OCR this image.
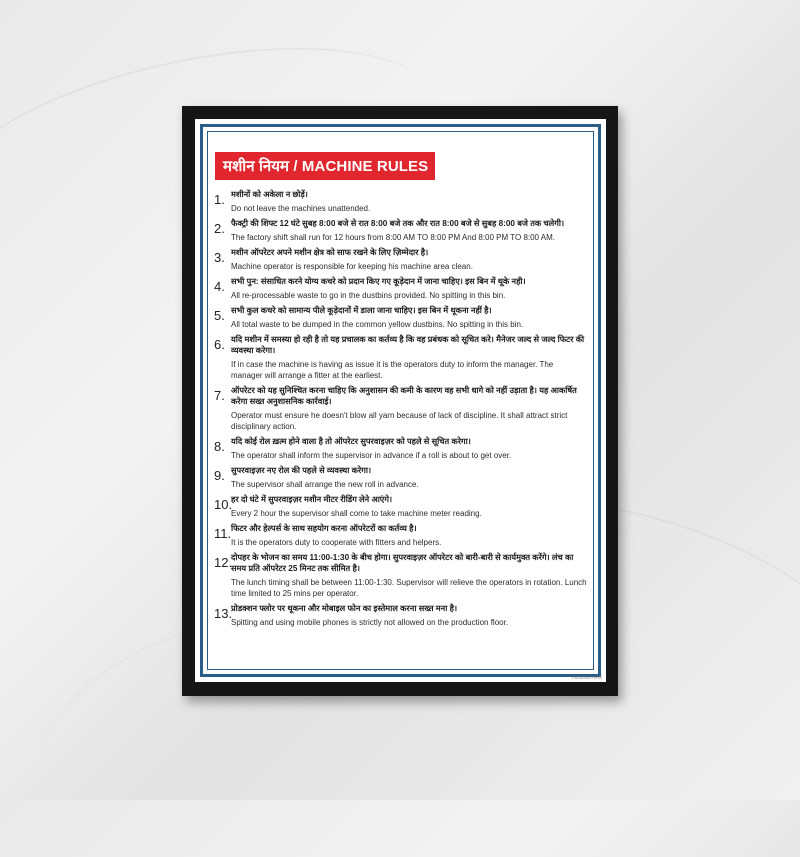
मशीन नियम / MACHINE RULES
1. मशीनों को अकेला न छोड़ें।
Do not leave the machines unattended.
2. फैक्ट्री की शिफ्ट 12 घंटे सुबह 8:00 बजे से रात 8:00 बजे तक और रात 8:00 बजे से सुबह 8:00 बजे तक चलेगी।
The factory shift shall run for 12 hours from 8:00 AM TO 8:00 PM And 8:00 PM TO 8:00 AM.
3. मशीन ऑपरेटर अपने मशीन क्षेत्र को साफ रखने के लिए ज़िम्मेदार है।
Machine operator is responsible for keeping his machine area clean.
4. सभी पुन: संसाधित करने योग्य कचरे को प्रदान किए गए कूड़ेदान में जाना चाहिए। इस बिन में थूके नही।
All re-processable waste to go in the dustbins provided. No spitting in this bin.
5. सभी कुल कचरे को सामान्य पीले कूड़ेदानों में डाला जाना चाहिए। इस बिन में थूकना नहीं है।
All total waste to be dumped in the common yellow dustbins. No spitting in this bin.
6. यदि मशीन में समस्या हो रही है तो यह प्रचालक का कर्तव्य है कि वह प्रबंधक को सूचित करे। मैनेजर जल्द से जल्द फिटर की व्यवस्था करेगा।
If in case the machine is having as issue it is the operators duty to inform the manager. The manager will arrange a fitter at the earliest.
7. ऑपरेटर को यह सुनिश्चित करना चाहिए कि अनुशासन की कमी के कारण वह सभी धागे को नहीं उड़ाता है। यह आकर्षित करेगा सख्त अनुशासनिक कार्रवाई।
Operator must ensure he doesn't blow all yarn because of lack of discipline. It shall attract strict disciplinary action.
8. यदि कोई रोल ख़त्म होने वाला है तो ऑपरेटर सुपरवाइज़र को पहले से सूचित करेगा।
The operator shall inform the supervisor in advance if a roll is about to get over.
9. सुपरवाइज़र नए रोल की पहले से व्यवस्था करेगा।
The supervisor shall arrange the new roll in advance.
10.
हर दो घंटे में सुपरवाइज़र मशीन मीटर रीडिंग लेने आएंगे।
Every 2 hour the supervisor shall come to take machine meter reading.
11. फिटर और हेल्पर्स के साथ सहयोग करना ऑपरेटरों का कर्तव्य है।
It is the operators duty to cooperate with fitters and helpers.
12.
दोपहर के भोजन का समय 11:00-1:30 के बीच होगा। सुपरवाइज़र ऑपरेटर को बारी-बारी से कार्यमुक्त करेंगे। लंच का समय प्रति ऑपरेटर 25 मिनट तक सीमित है।
The lunch timing shall be between 11:00-1:30. Supervisor will relieve the operators in rotation. Lunch time limited to 25 mins per operator.
13.
प्रोडक्शन फ्लोर पर थूकना और मोबाइल फोन का इस्तेमाल करना सख्त मना है।
Spitting and using mobile phones is strictly not allowed on the production floor.
PROD0249-P0P03
